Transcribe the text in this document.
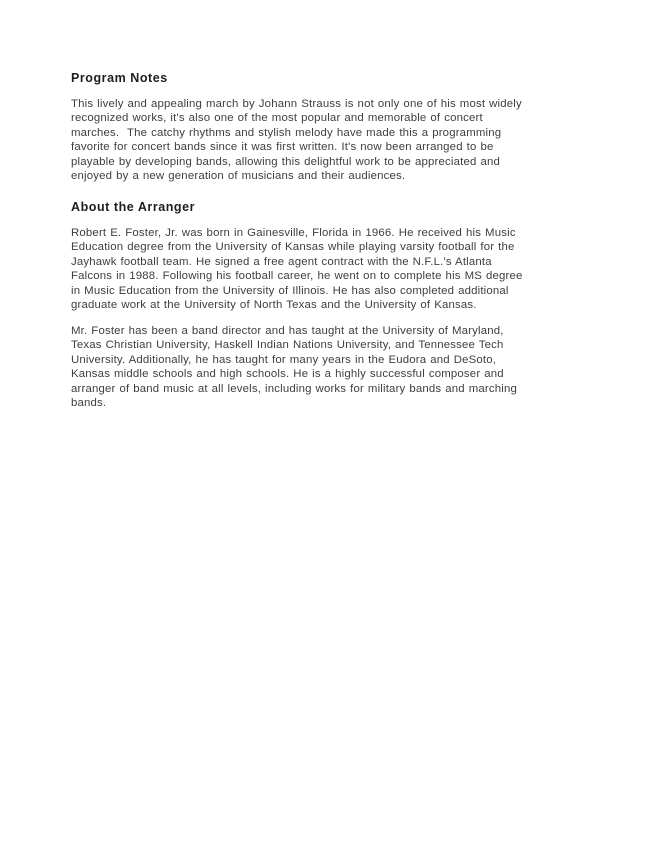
Program Notes
This lively and appealing march by Johann Strauss is not only one of his most widely
recognized works, it's also one of the most popular and memorable of concert
marches.  The catchy rhythms and stylish melody have made this a programming
favorite for concert bands since it was first written. It's now been arranged to be
playable by developing bands, allowing this delightful work to be appreciated and
enjoyed by a new generation of musicians and their audiences.
About the Arranger
Robert E. Foster, Jr. was born in Gainesville, Florida in 1966. He received his Music
Education degree from the University of Kansas while playing varsity football for the
Jayhawk football team. He signed a free agent contract with the N.F.L.'s Atlanta
Falcons in 1988. Following his football career, he went on to complete his MS degree
in Music Education from the University of Illinois. He has also completed additional
graduate work at the University of North Texas and the University of Kansas.
Mr. Foster has been a band director and has taught at the University of Maryland,
Texas Christian University, Haskell Indian Nations University, and Tennessee Tech
University. Additionally, he has taught for many years in the Eudora and DeSoto,
Kansas middle schools and high schools. He is a highly successful composer and
arranger of band music at all levels, including works for military bands and marching
bands.
